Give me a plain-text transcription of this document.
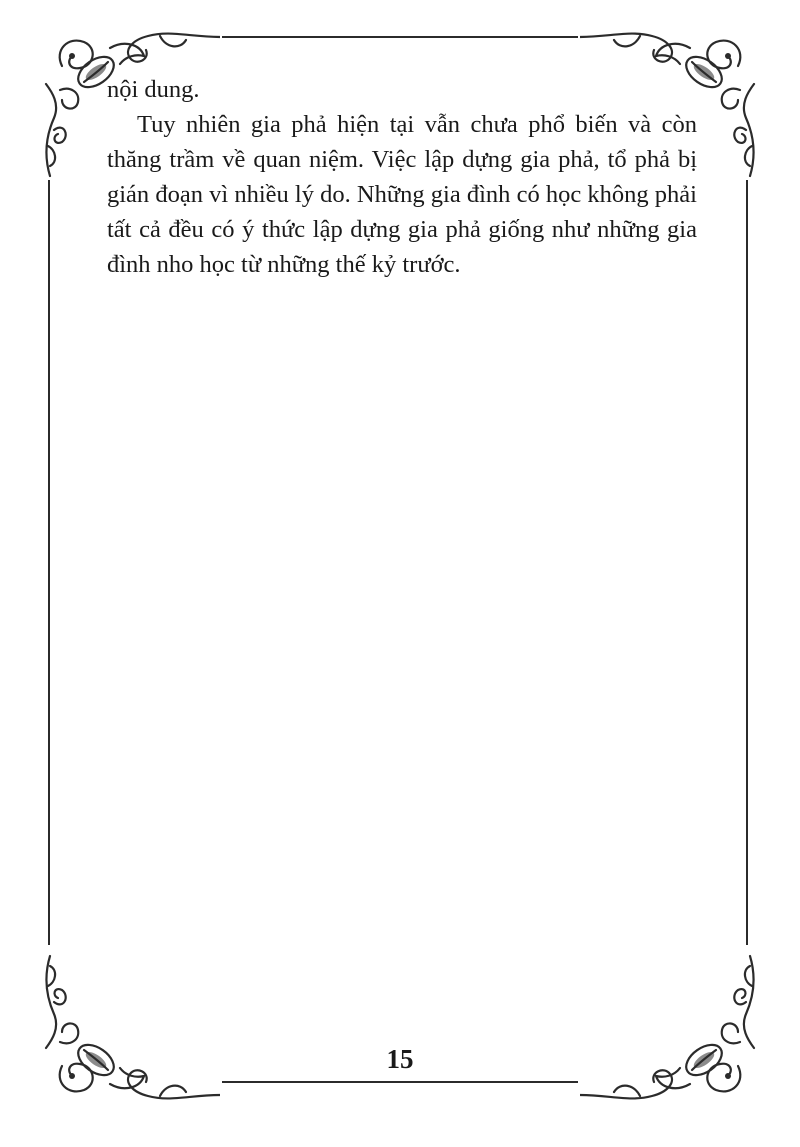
nội dung.

Tuy nhiên gia phả hiện tại vẫn chưa phổ biến và còn thăng trầm về quan niệm. Việc lập dựng gia phả, tổ phả bị gián đoạn vì nhiều lý do. Những gia đình có học không phải tất cả đều có ý thức lập dựng gia phả giống như những gia đình nho học từ những thế kỷ trước.

15
